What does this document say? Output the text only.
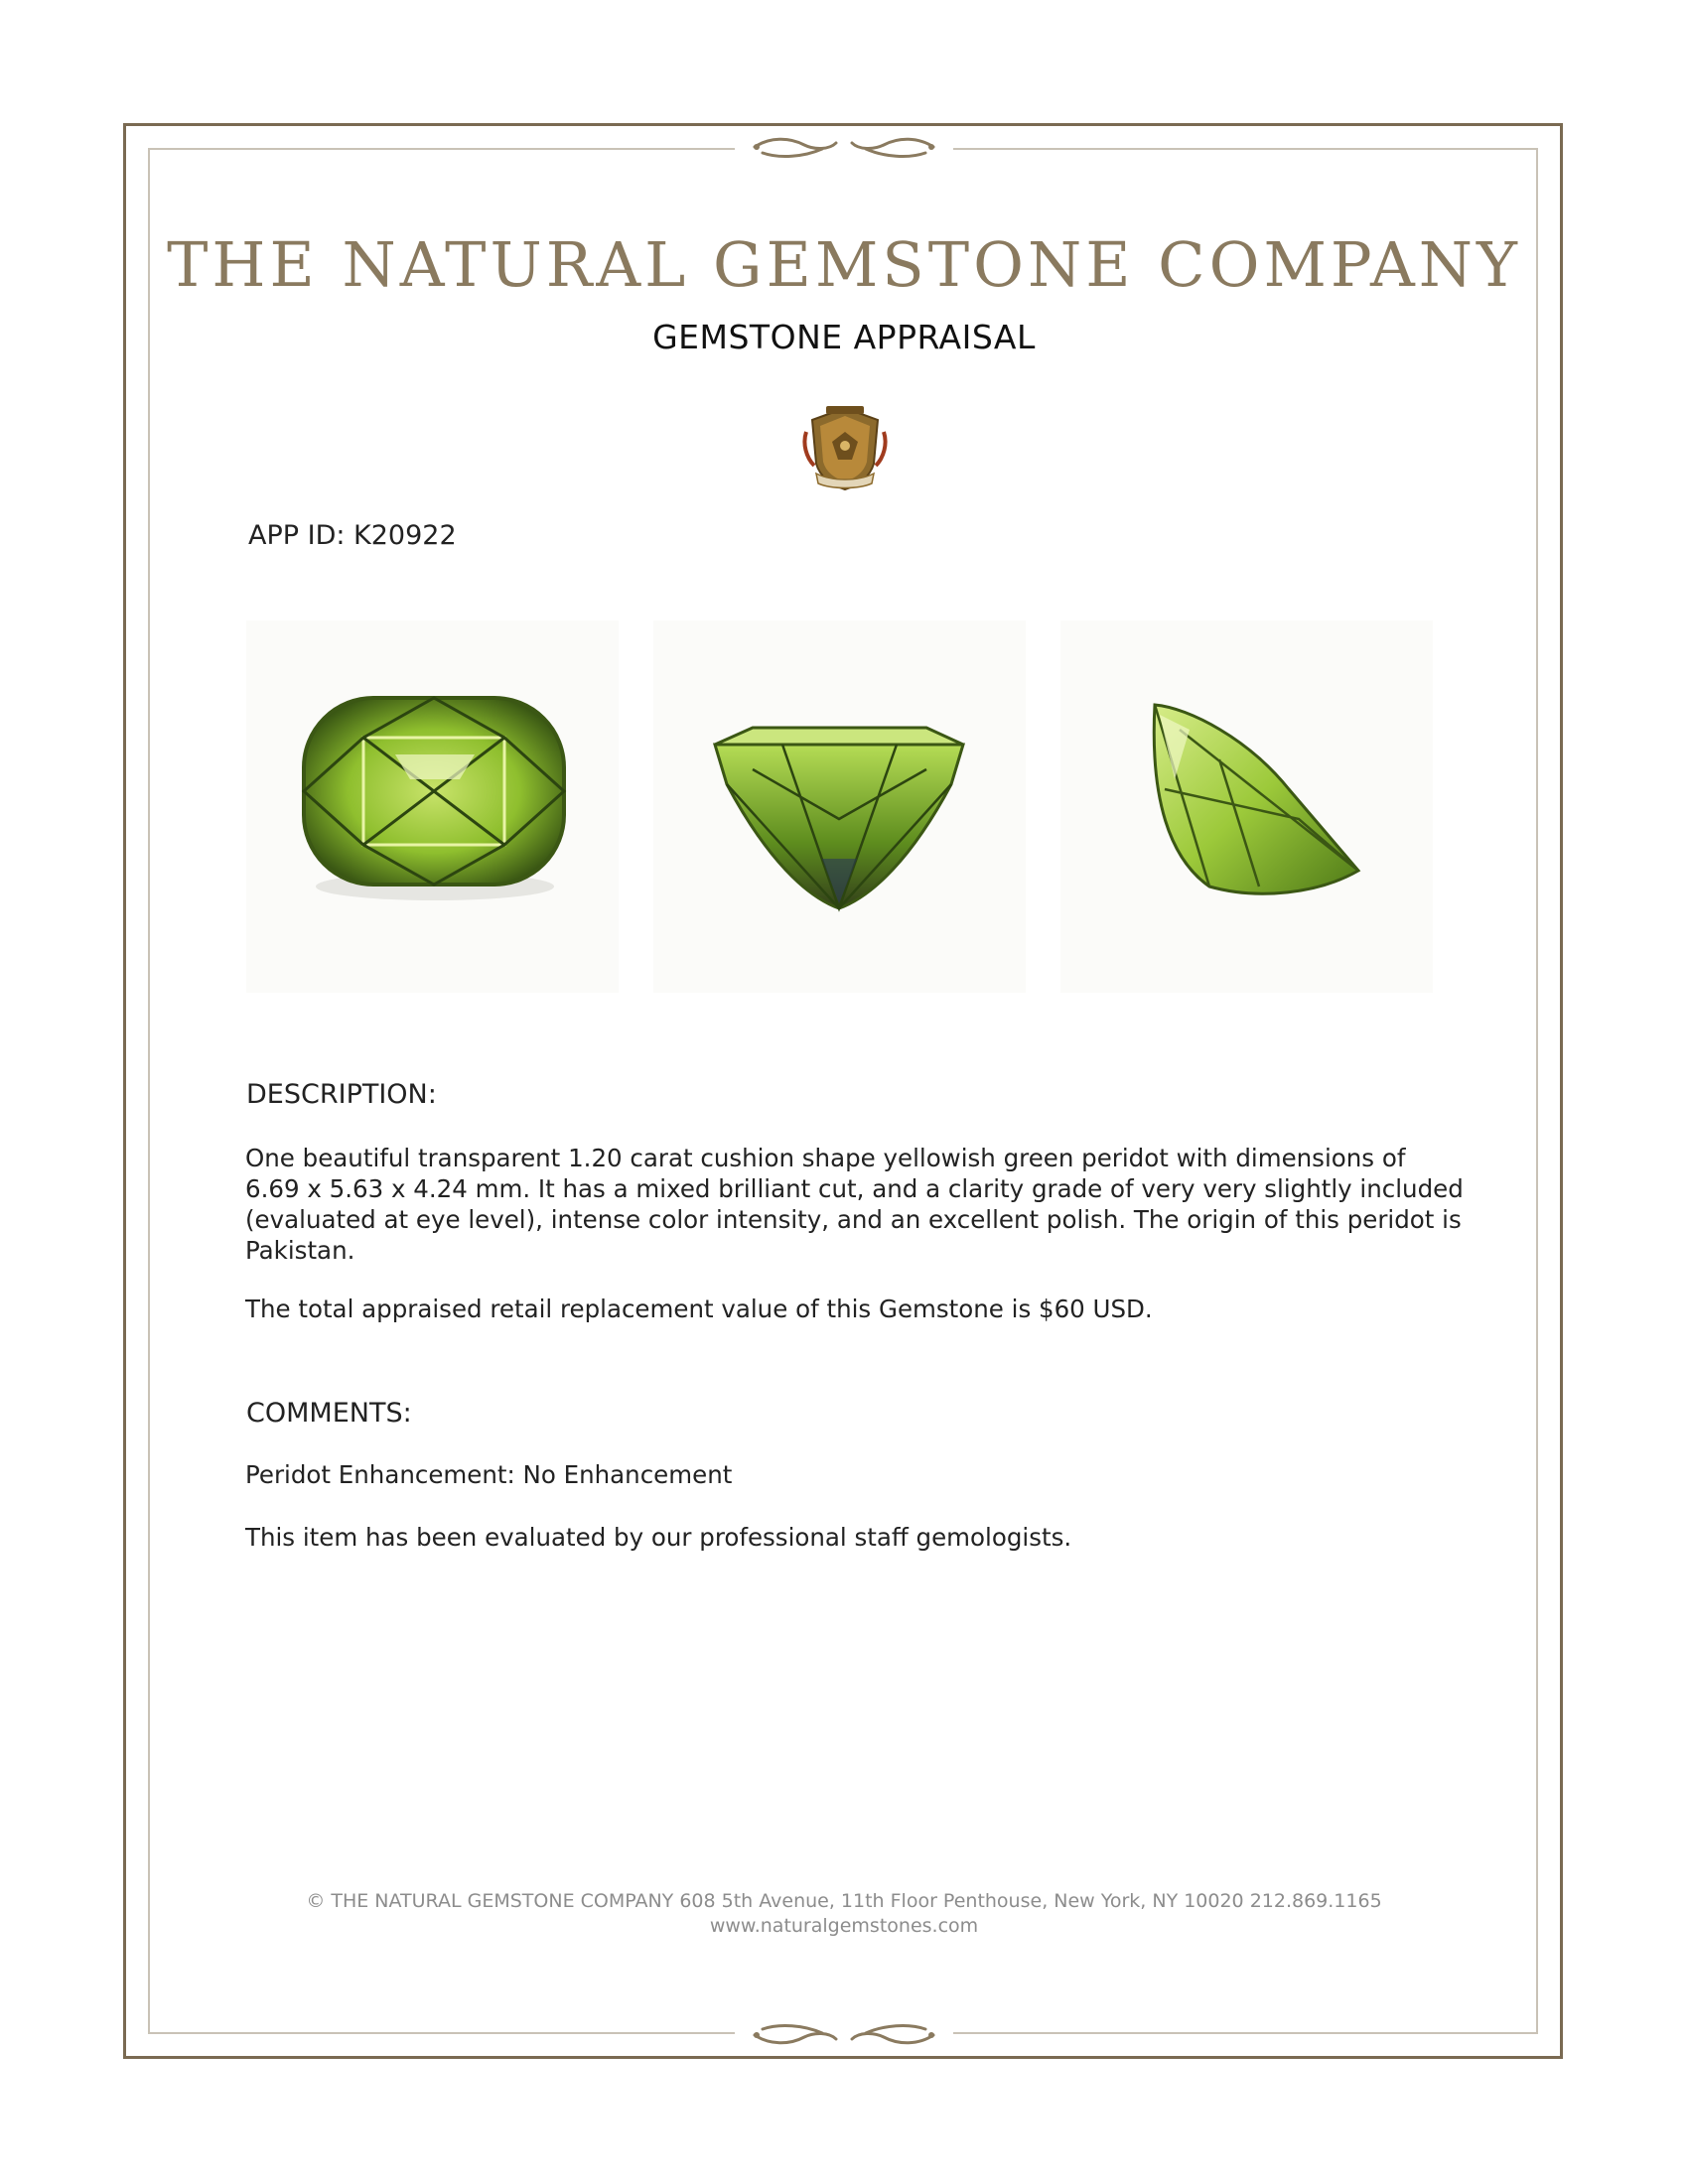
THE NATURAL GEMSTONE COMPANY
GEMSTONE APPRAISAL
APP ID: K20922
DESCRIPTION:
One beautiful transparent 1.20 carat cushion shape yellowish green peridot with dimensions of 6.69 x 5.63 x 4.24 mm. It has a mixed brilliant cut, and a clarity grade of very very slightly included (evaluated at eye level), intense color intensity, and an excellent polish. The origin of this peridot is Pakistan.
The total appraised retail replacement value of this Gemstone is $60 USD.
COMMENTS:
Peridot Enhancement: No Enhancement
This item has been evaluated by our professional staff gemologists.
© THE NATURAL GEMSTONE COMPANY 608 5th Avenue, 11th Floor Penthouse, New York, NY 10020 212.869.1165
www.naturalgemstones.com
